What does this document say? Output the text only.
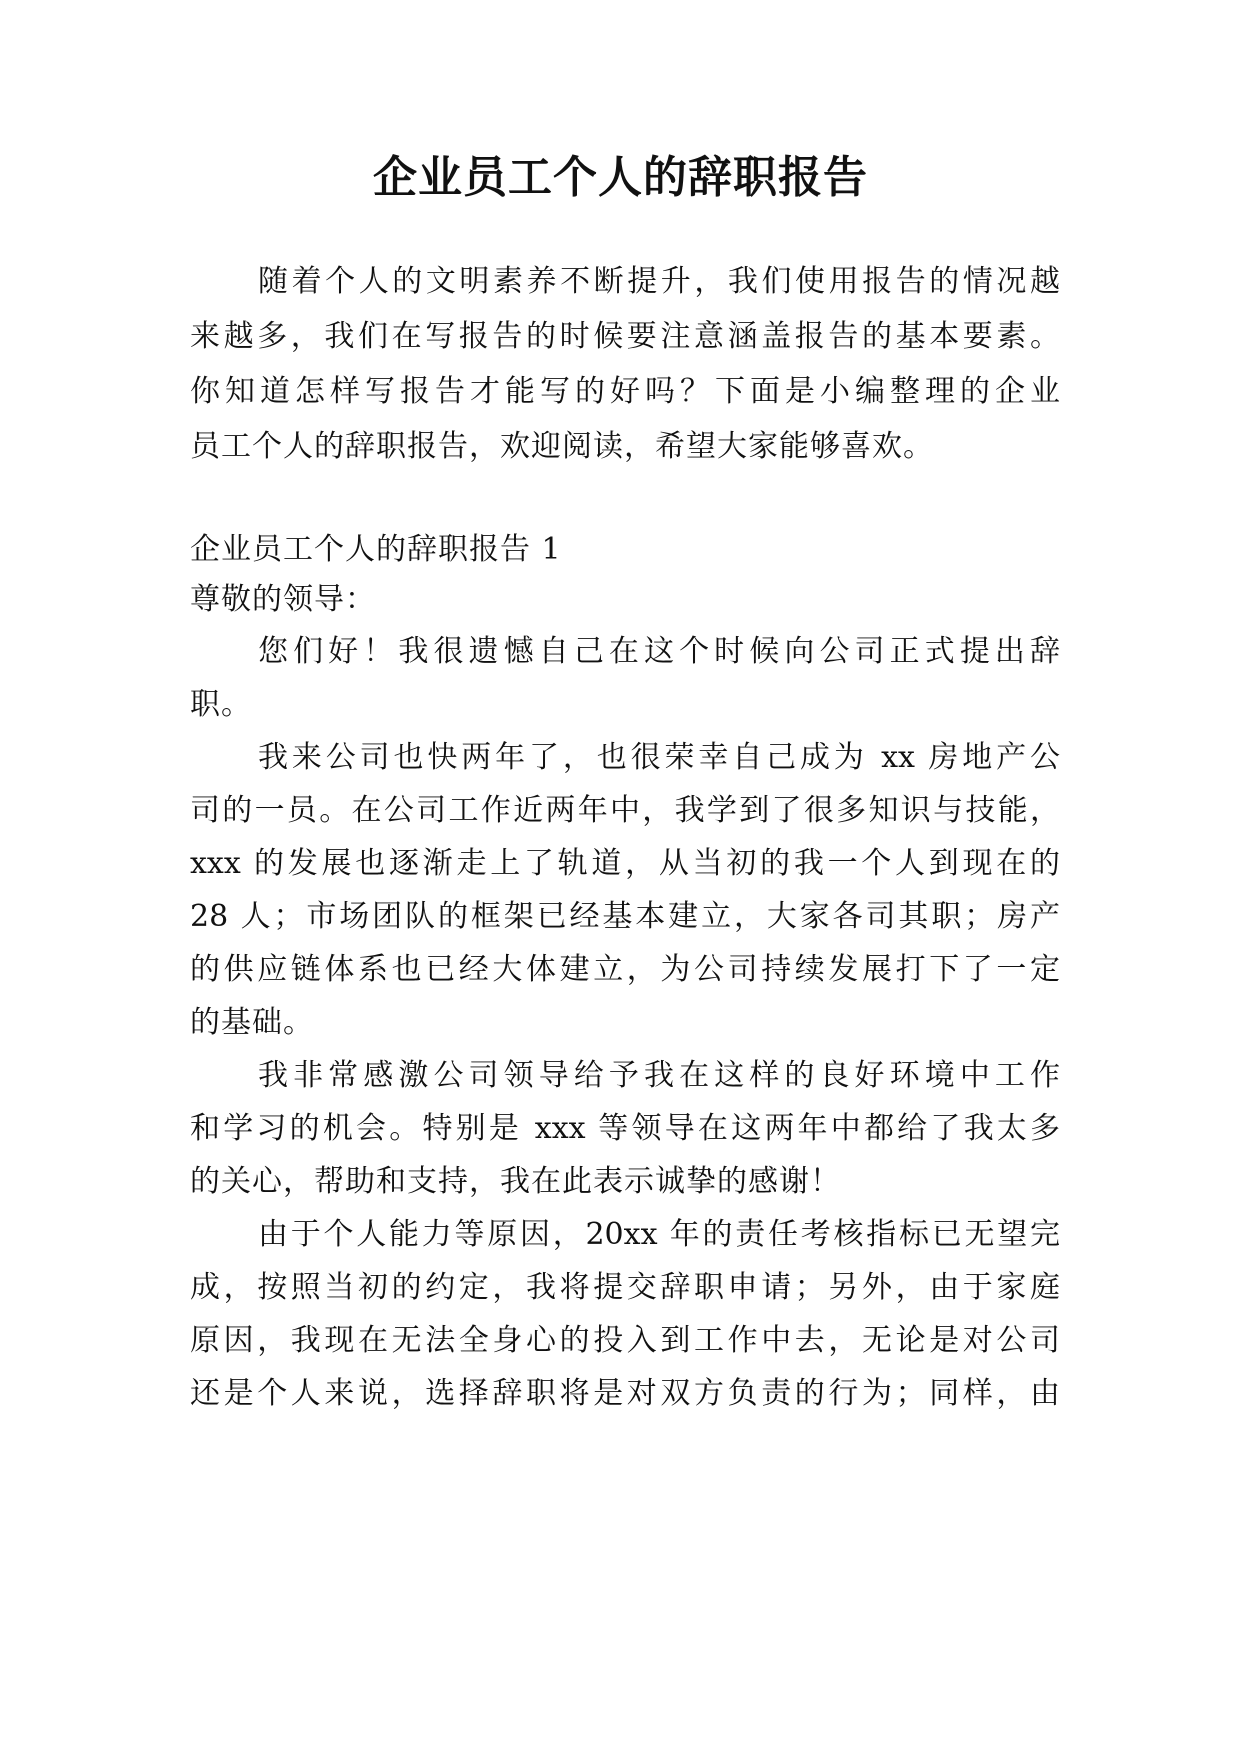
企业员工个人的辞职报告

随着个人的文明素养不断提升，我们使用报告的情况越

来越多，我们在写报告的时候要注意涵盖报告的基本要素。

你知道怎样写报告才能写的好吗？下面是小编整理的企业

员工个人的辞职报告，欢迎阅读，希望大家能够喜欢。

企业员工个人的辞职报告 1

尊敬的领导：

您们好！我很遗憾自己在这个时候向公司正式提出辞

职。

我来公司也快两年了，也很荣幸自己成为 xx 房地产公

司的一员。在公司工作近两年中，我学到了很多知识与技能，

xxx 的发展也逐渐走上了轨道，从当初的我一个人到现在的

28 人；市场团队的框架已经基本建立，大家各司其职；房产

的供应链体系也已经大体建立，为公司持续发展打下了一定

的基础。

我非常感激公司领导给予我在这样的良好环境中工作

和学习的机会。特别是 xxx 等领导在这两年中都给了我太多

的关心，帮助和支持，我在此表示诚挚的感谢！

由于个人能力等原因，20xx 年的责任考核指标已无望完

成，按照当初的约定，我将提交辞职申请；另外，由于家庭

原因，我现在无法全身心的投入到工作中去，无论是对公司

还是个人来说，选择辞职将是对双方负责的行为；同样，由
